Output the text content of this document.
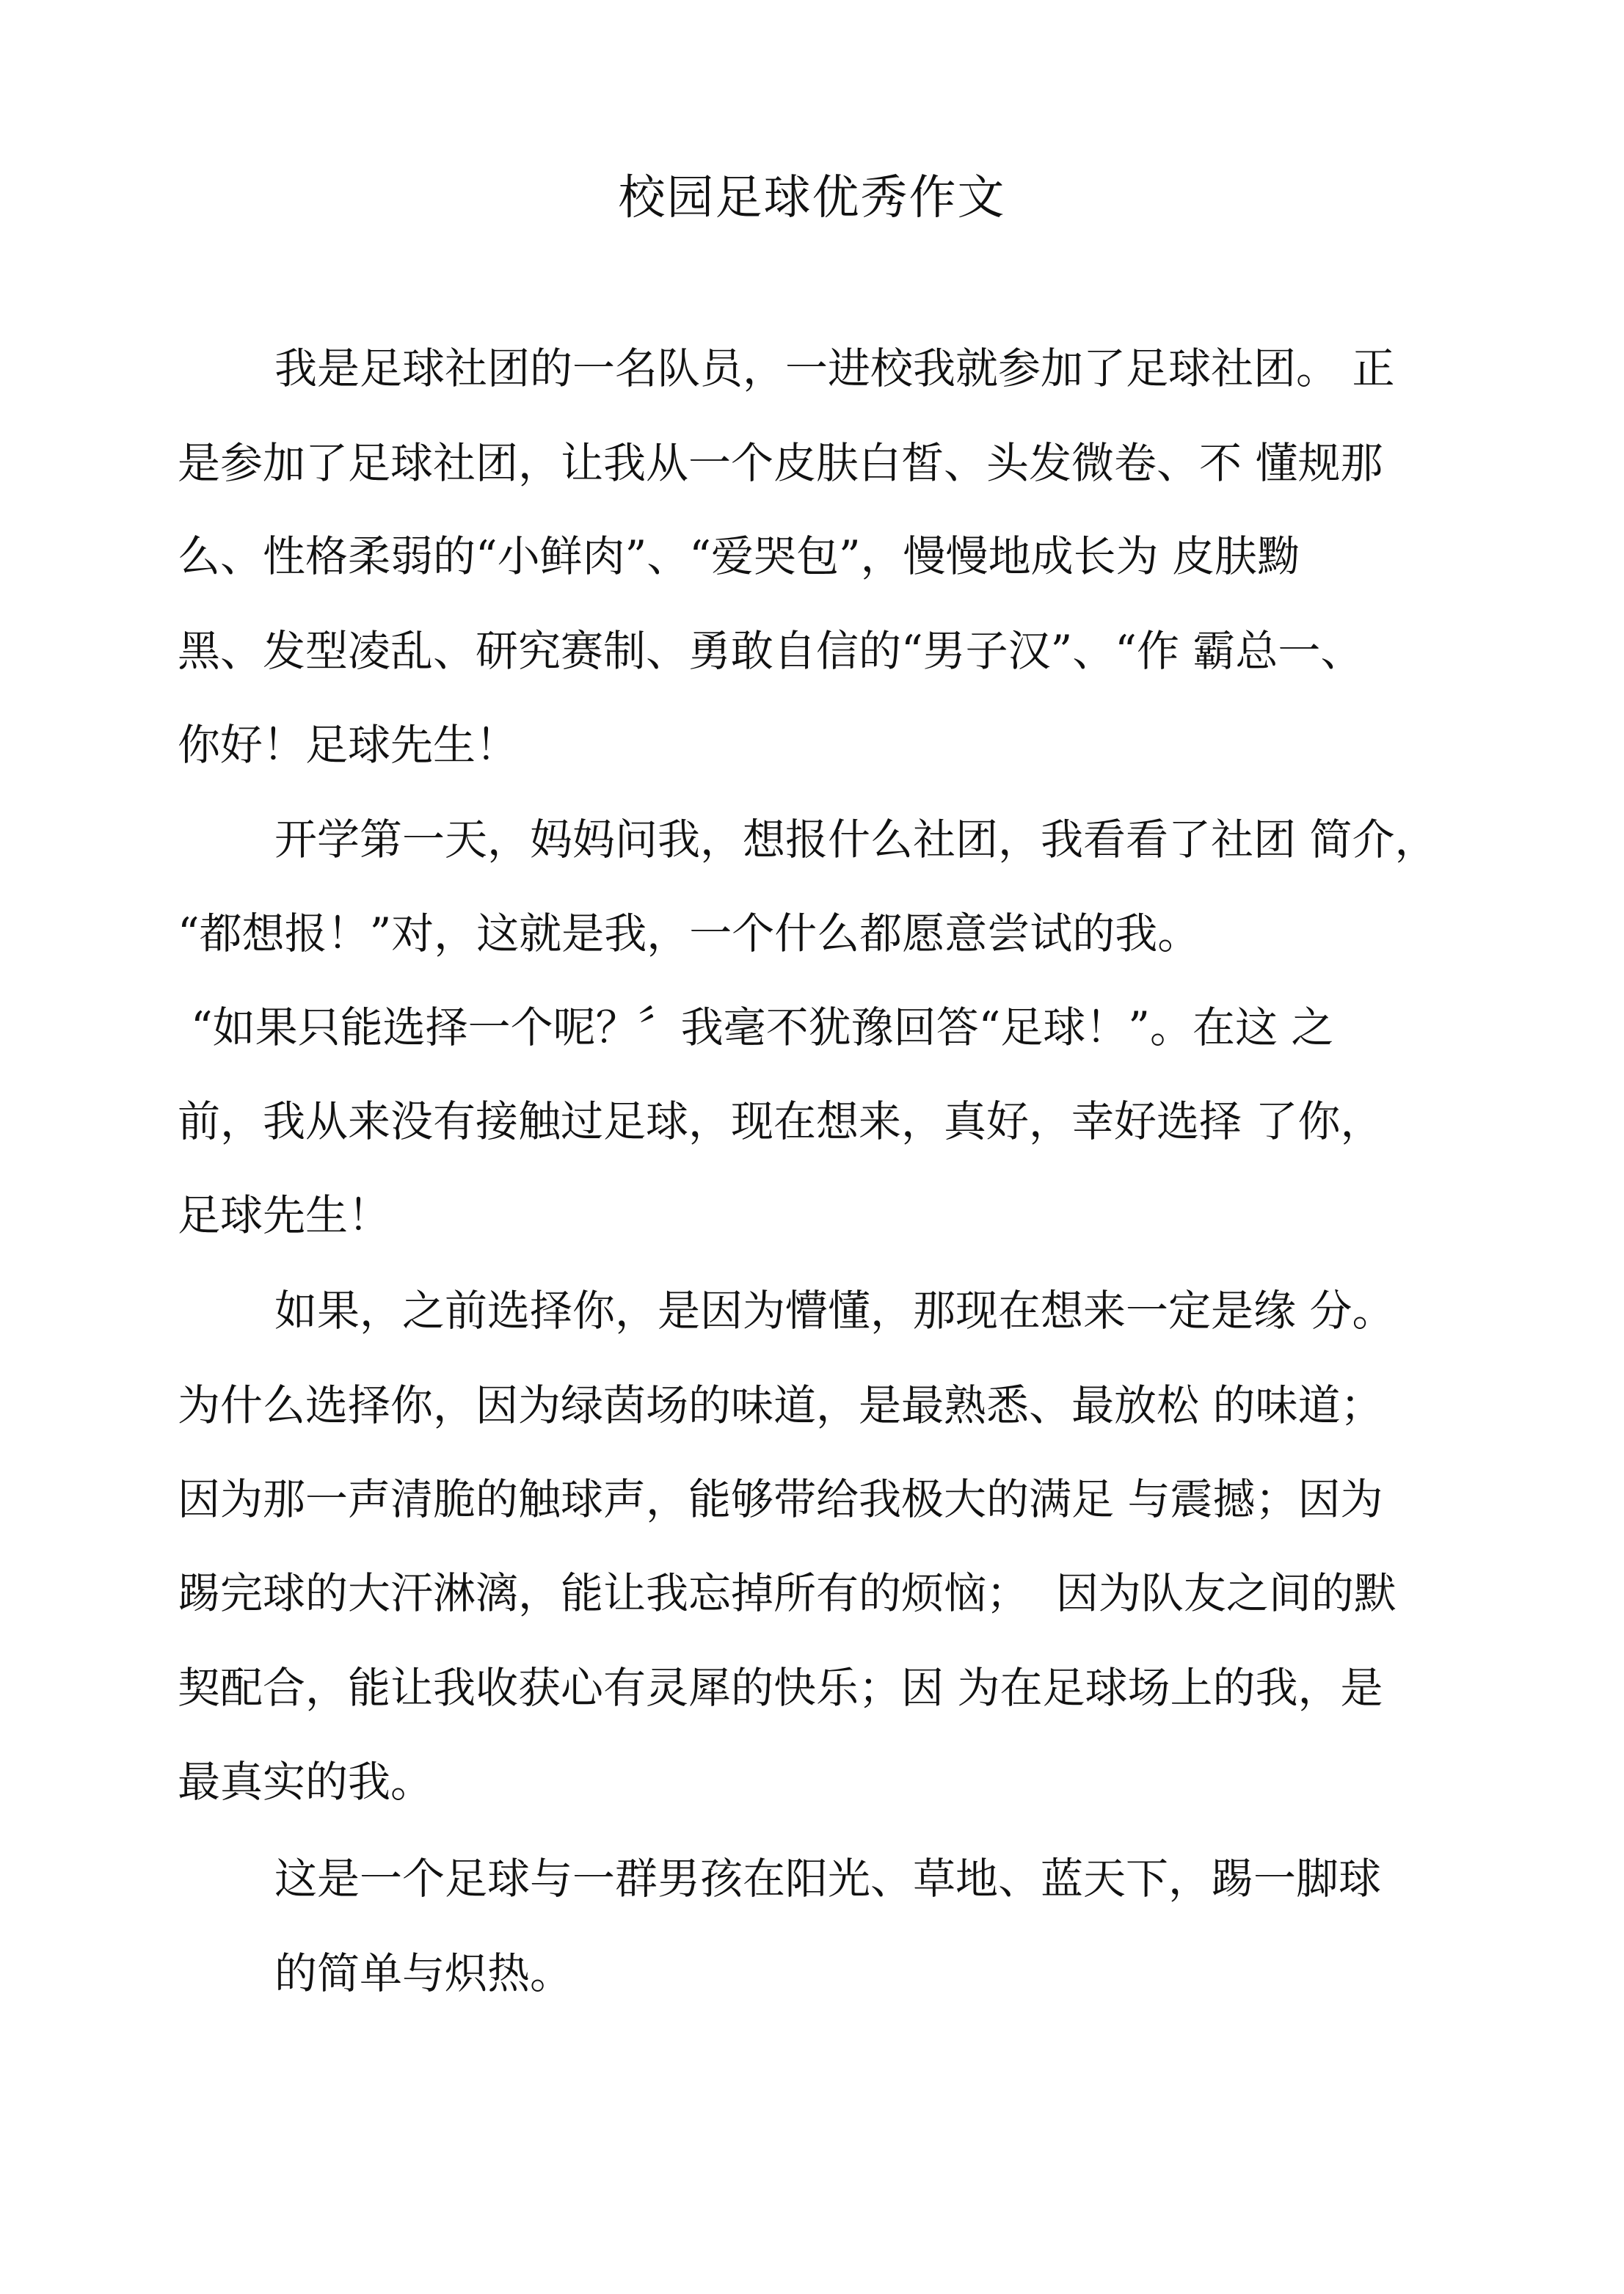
校园足球优秀作文

我是足球社团的一名队员，一进校我就参加了足球社团。 正

是参加了足球社团，让我从一个皮肤白皙、头发微卷、不 懂规那

么、性格柔弱的“小鲜肉”、“爱哭包”，慢慢地成长为 皮肤黝

黑、发型凌乱、研究赛制、勇敢自信的“男子汉”、“作 霸总一、

你好！足球先生！

开学第一天，妈妈问我，想报什么社团，我看看了社团 简介，

“都想报！”对，这就是我，一个什么都愿意尝试的我。

“如果只能选择一个呢？〞我毫不犹豫回答“足球！”。在这 之

前，我从来没有接触过足球，现在想来，真好，幸好选择 了你，

足球先生！

如果，之前选择你，是因为懵懂，那现在想来一定是缘 分。

为什么选择你，因为绿茵场的味道，是最熟悉、最放松 的味道；

因为那一声清脆的触球声，能够带给我极大的满足 与震撼；因为

踢完球的大汗淋漓，能让我忘掉所有的烦恼；  因为队友之间的默

契配合，能让我收获心有灵犀的快乐；因 为在足球场上的我，是

最真实的我。

这是一个足球与一群男孩在阳光、草地、蓝天下，踢一脚球

的简单与炽热。
